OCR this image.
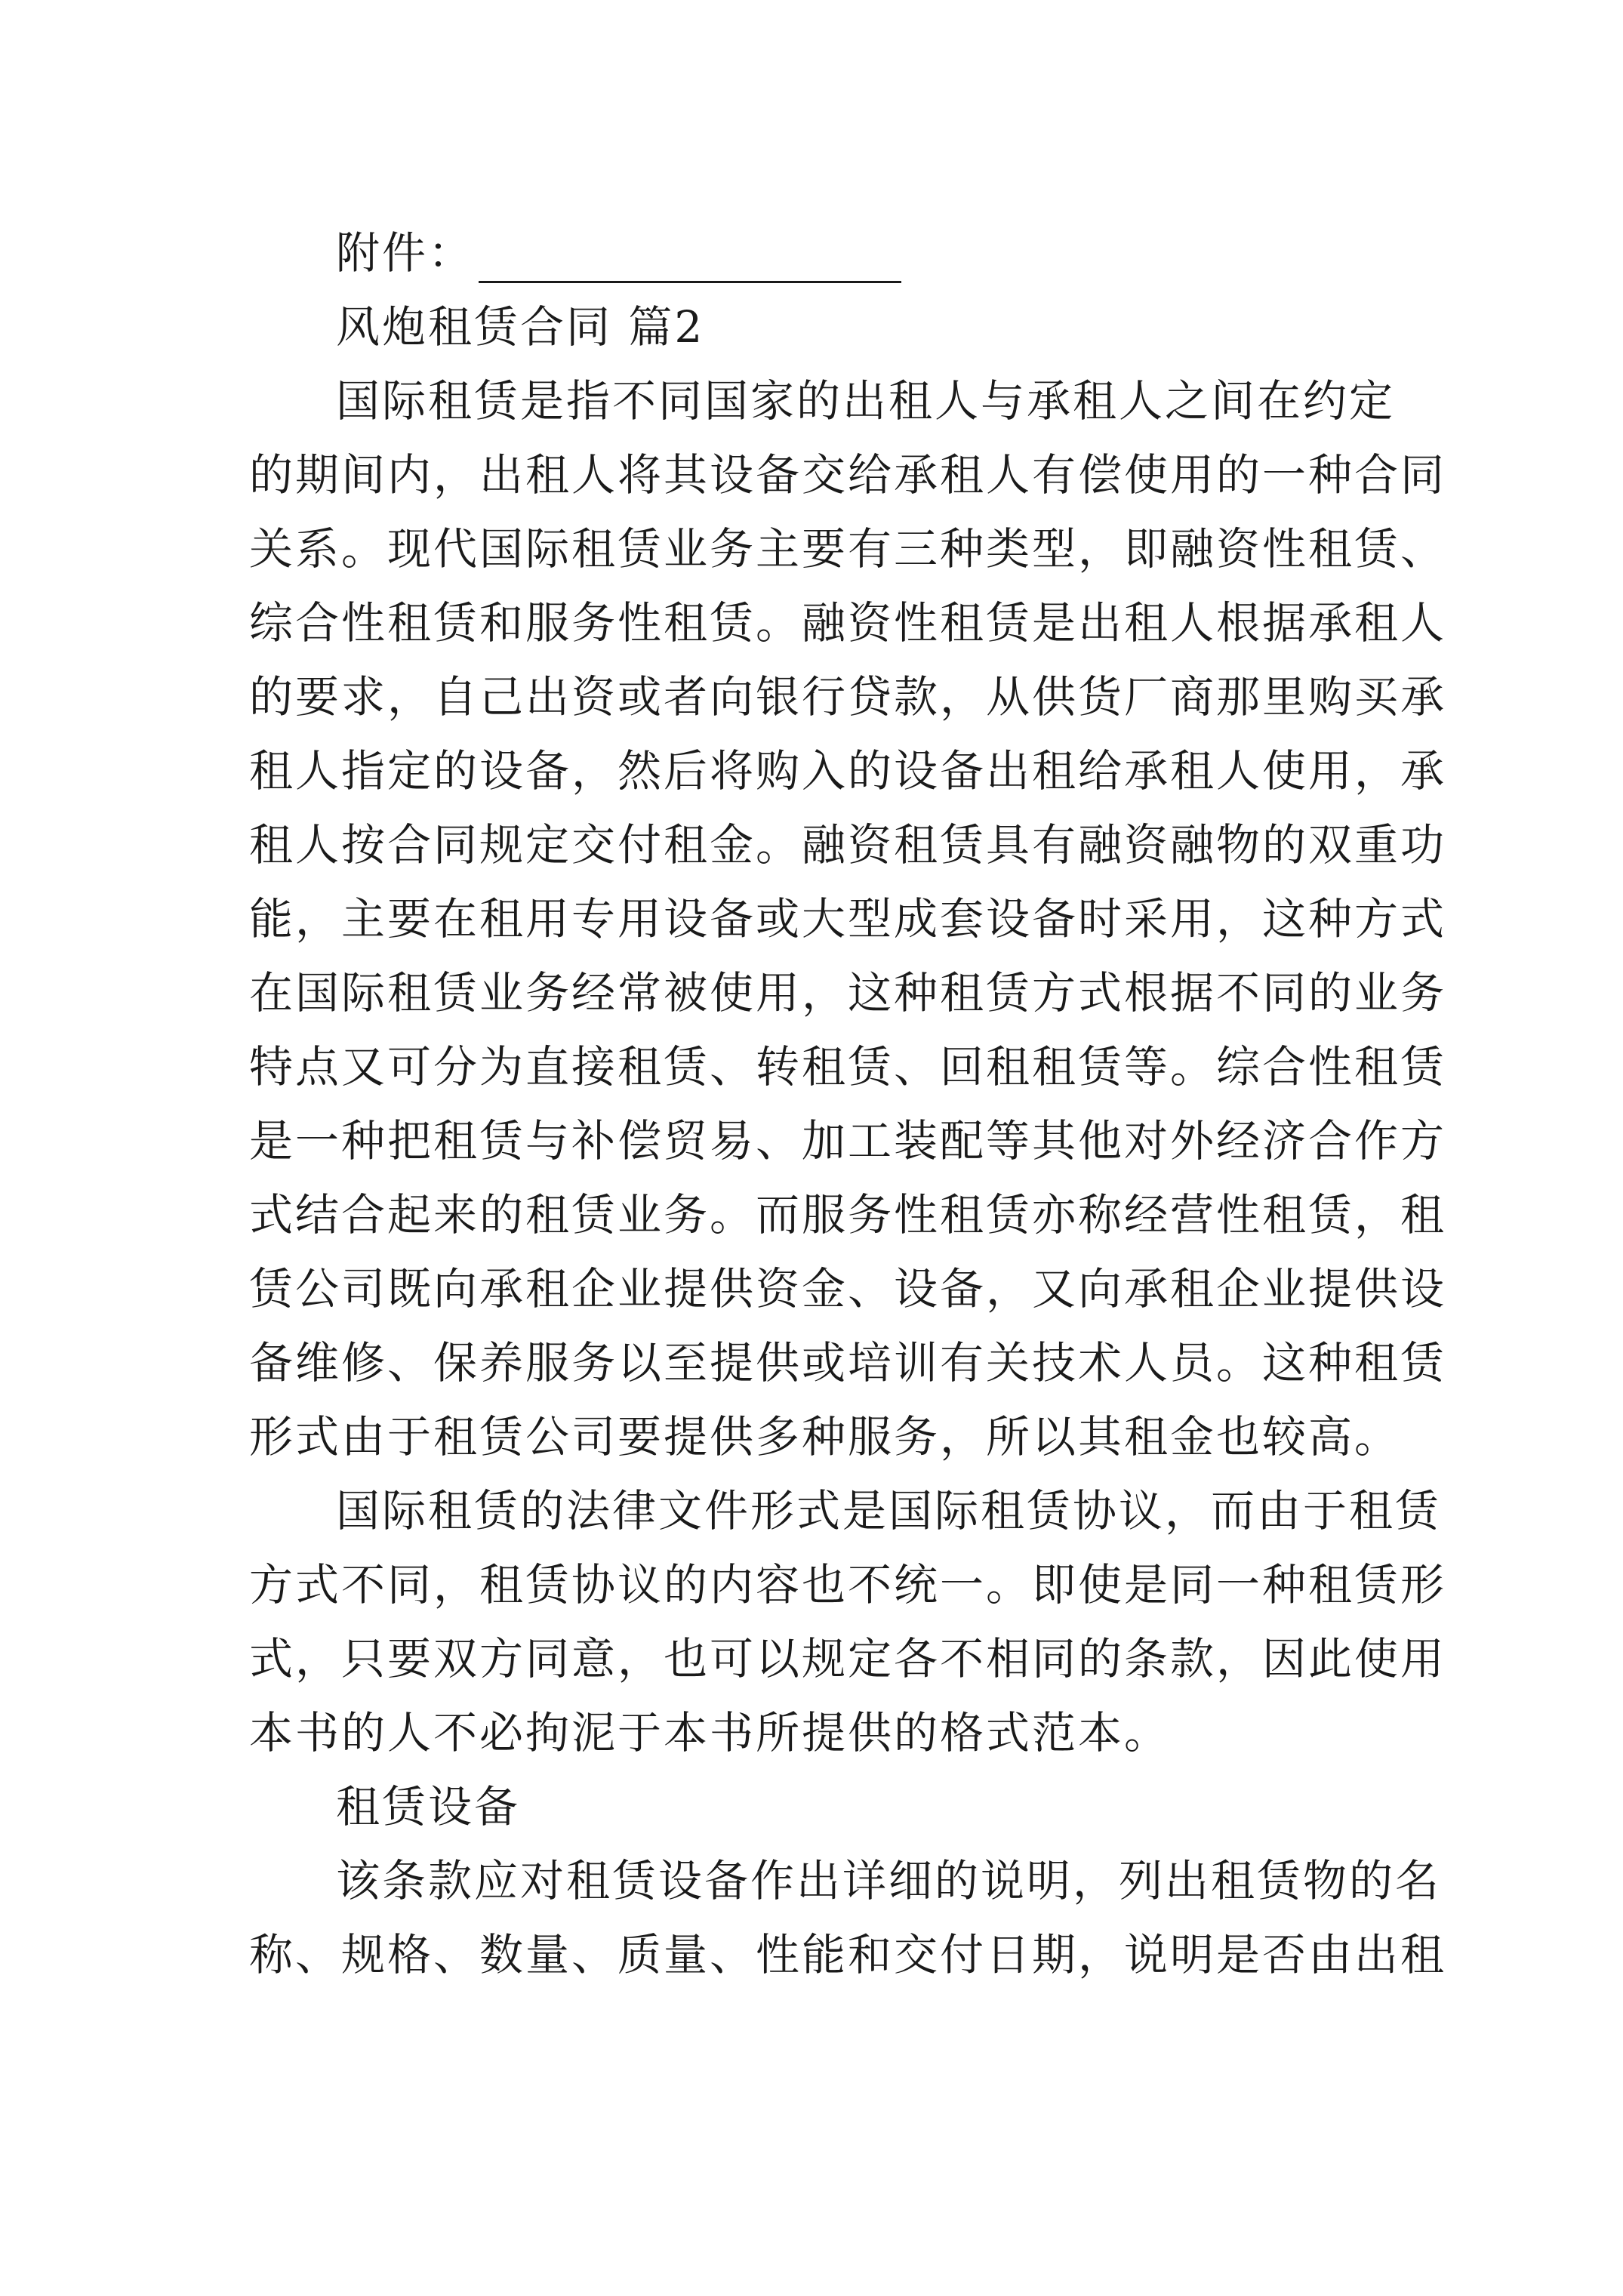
附件：
风炮租赁合同 篇2
国际租赁是指不同国家的出租人与承租人之间在约定
的期间内，出租人将其设备交给承租人有偿使用的一种合同
关系。现代国际租赁业务主要有三种类型，即融资性租赁、
综合性租赁和服务性租赁。融资性租赁是出租人根据承租人
的要求，自己出资或者向银行贷款，从供货厂商那里购买承
租人指定的设备，然后将购入的设备出租给承租人使用，承
租人按合同规定交付租金。融资租赁具有融资融物的双重功
能，主要在租用专用设备或大型成套设备时采用，这种方式
在国际租赁业务经常被使用，这种租赁方式根据不同的业务
特点又可分为直接租赁、转租赁、回租租赁等。综合性租赁
是一种把租赁与补偿贸易、加工装配等其他对外经济合作方
式结合起来的租赁业务。而服务性租赁亦称经营性租赁，租
赁公司既向承租企业提供资金、设备，又向承租企业提供设
备维修、保养服务以至提供或培训有关技术人员。这种租赁
形式由于租赁公司要提供多种服务，所以其租金也较高。
国际租赁的法律文件形式是国际租赁协议，而由于租赁
方式不同，租赁协议的内容也不统一。即使是同一种租赁形
式，只要双方同意，也可以规定各不相同的条款，因此使用
本书的人不必拘泥于本书所提供的格式范本。
租赁设备
该条款应对租赁设备作出详细的说明，列出租赁物的名
称、规格、数量、质量、性能和交付日期，说明是否由出租
